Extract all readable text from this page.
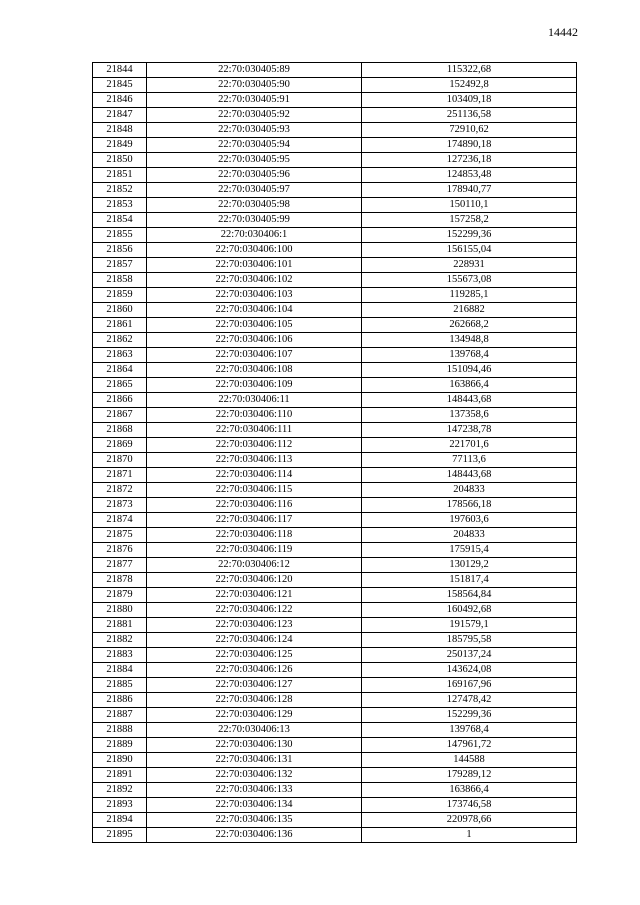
14442
21844	22:70:030405:89	115322,68
21845	22:70:030405:90	152492,8
21846	22:70:030405:91	103409,18
21847	22:70:030405:92	251136,58
21848	22:70:030405:93	72910,62
21849	22:70:030405:94	174890,18
21850	22:70:030405:95	127236,18
21851	22:70:030405:96	124853,48
21852	22:70:030405:97	178940,77
21853	22:70:030405:98	150110,1
21854	22:70:030405:99	157258,2
21855	22:70:030406:1	152299,36
21856	22:70:030406:100	156155,04
21857	22:70:030406:101	228931
21858	22:70:030406:102	155673,08
21859	22:70:030406:103	119285,1
21860	22:70:030406:104	216882
21861	22:70:030406:105	262668,2
21862	22:70:030406:106	134948,8
21863	22:70:030406:107	139768,4
21864	22:70:030406:108	151094,46
21865	22:70:030406:109	163866,4
21866	22:70:030406:11	148443,68
21867	22:70:030406:110	137358,6
21868	22:70:030406:111	147238,78
21869	22:70:030406:112	221701,6
21870	22:70:030406:113	77113,6
21871	22:70:030406:114	148443,68
21872	22:70:030406:115	204833
21873	22:70:030406:116	178566,18
21874	22:70:030406:117	197603,6
21875	22:70:030406:118	204833
21876	22:70:030406:119	175915,4
21877	22:70:030406:12	130129,2
21878	22:70:030406:120	151817,4
21879	22:70:030406:121	158564,84
21880	22:70:030406:122	160492,68
21881	22:70:030406:123	191579,1
21882	22:70:030406:124	185795,58
21883	22:70:030406:125	250137,24
21884	22:70:030406:126	143624,08
21885	22:70:030406:127	169167,96
21886	22:70:030406:128	127478,42
21887	22:70:030406:129	152299,36
21888	22:70:030406:13	139768,4
21889	22:70:030406:130	147961,72
21890	22:70:030406:131	144588
21891	22:70:030406:132	179289,12
21892	22:70:030406:133	163866,4
21893	22:70:030406:134	173746,58
21894	22:70:030406:135	220978,66
21895	22:70:030406:136	1
